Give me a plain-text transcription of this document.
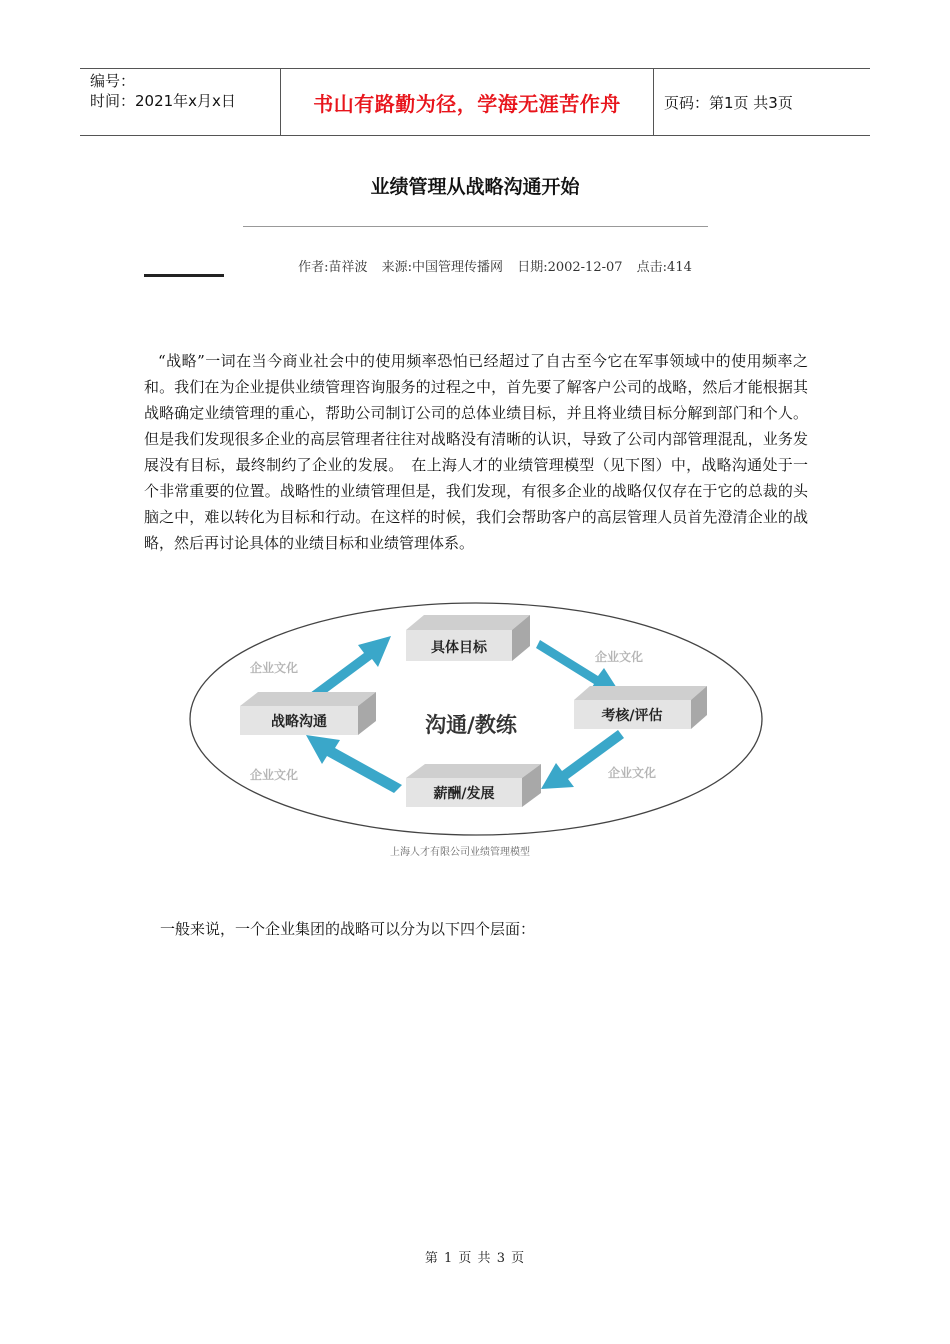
编号：
时间：2021年x月x日	书山有路勤为径，学海无涯苦作舟	页码：第1页 共3页
业绩管理从战略沟通开始
作者:苗祥波 来源:中国管理传播网 日期:2002-12-07 点击:414

“战略”一词在当今商业社会中的使用频率恐怕已经超过了自古至今它在军事领域中的使用频率之和。我们在为企业提供业绩管理咨询服务的过程之中，首先要了解客户公司的战略，然后才能根据其战略确定业绩管理的重心，帮助公司制订公司的总体业绩目标，并且将业绩目标分解到部门和个人。但是我们发现很多企业的高层管理者往往对战略没有清晰的认识，导致了公司内部管理混乱，业务发展没有目标，最终制约了企业的发展。　在上海人才的业绩管理模型（见下图）中，战略沟通处于一个非常重要的位置。战略性的业绩管理但是，我们发现，有很多企业的战略仅仅存在于它的总裁的头脑之中，难以转化为目标和行动。在这样的时候，我们会帮助客户的高层管理人员首先澄清企业的战略，然后再讨论具体的业绩目标和业绩管理体系。

具体目标
考核/评估
薪酬/发展
战略沟通	沟通/教练
企业文化
企业文化
企业文化	企业文化
上海人才有限公司业绩管理模型

一般来说，一个企业集团的战略可以分为以下四个层面：

第 1 页 共 3 页
